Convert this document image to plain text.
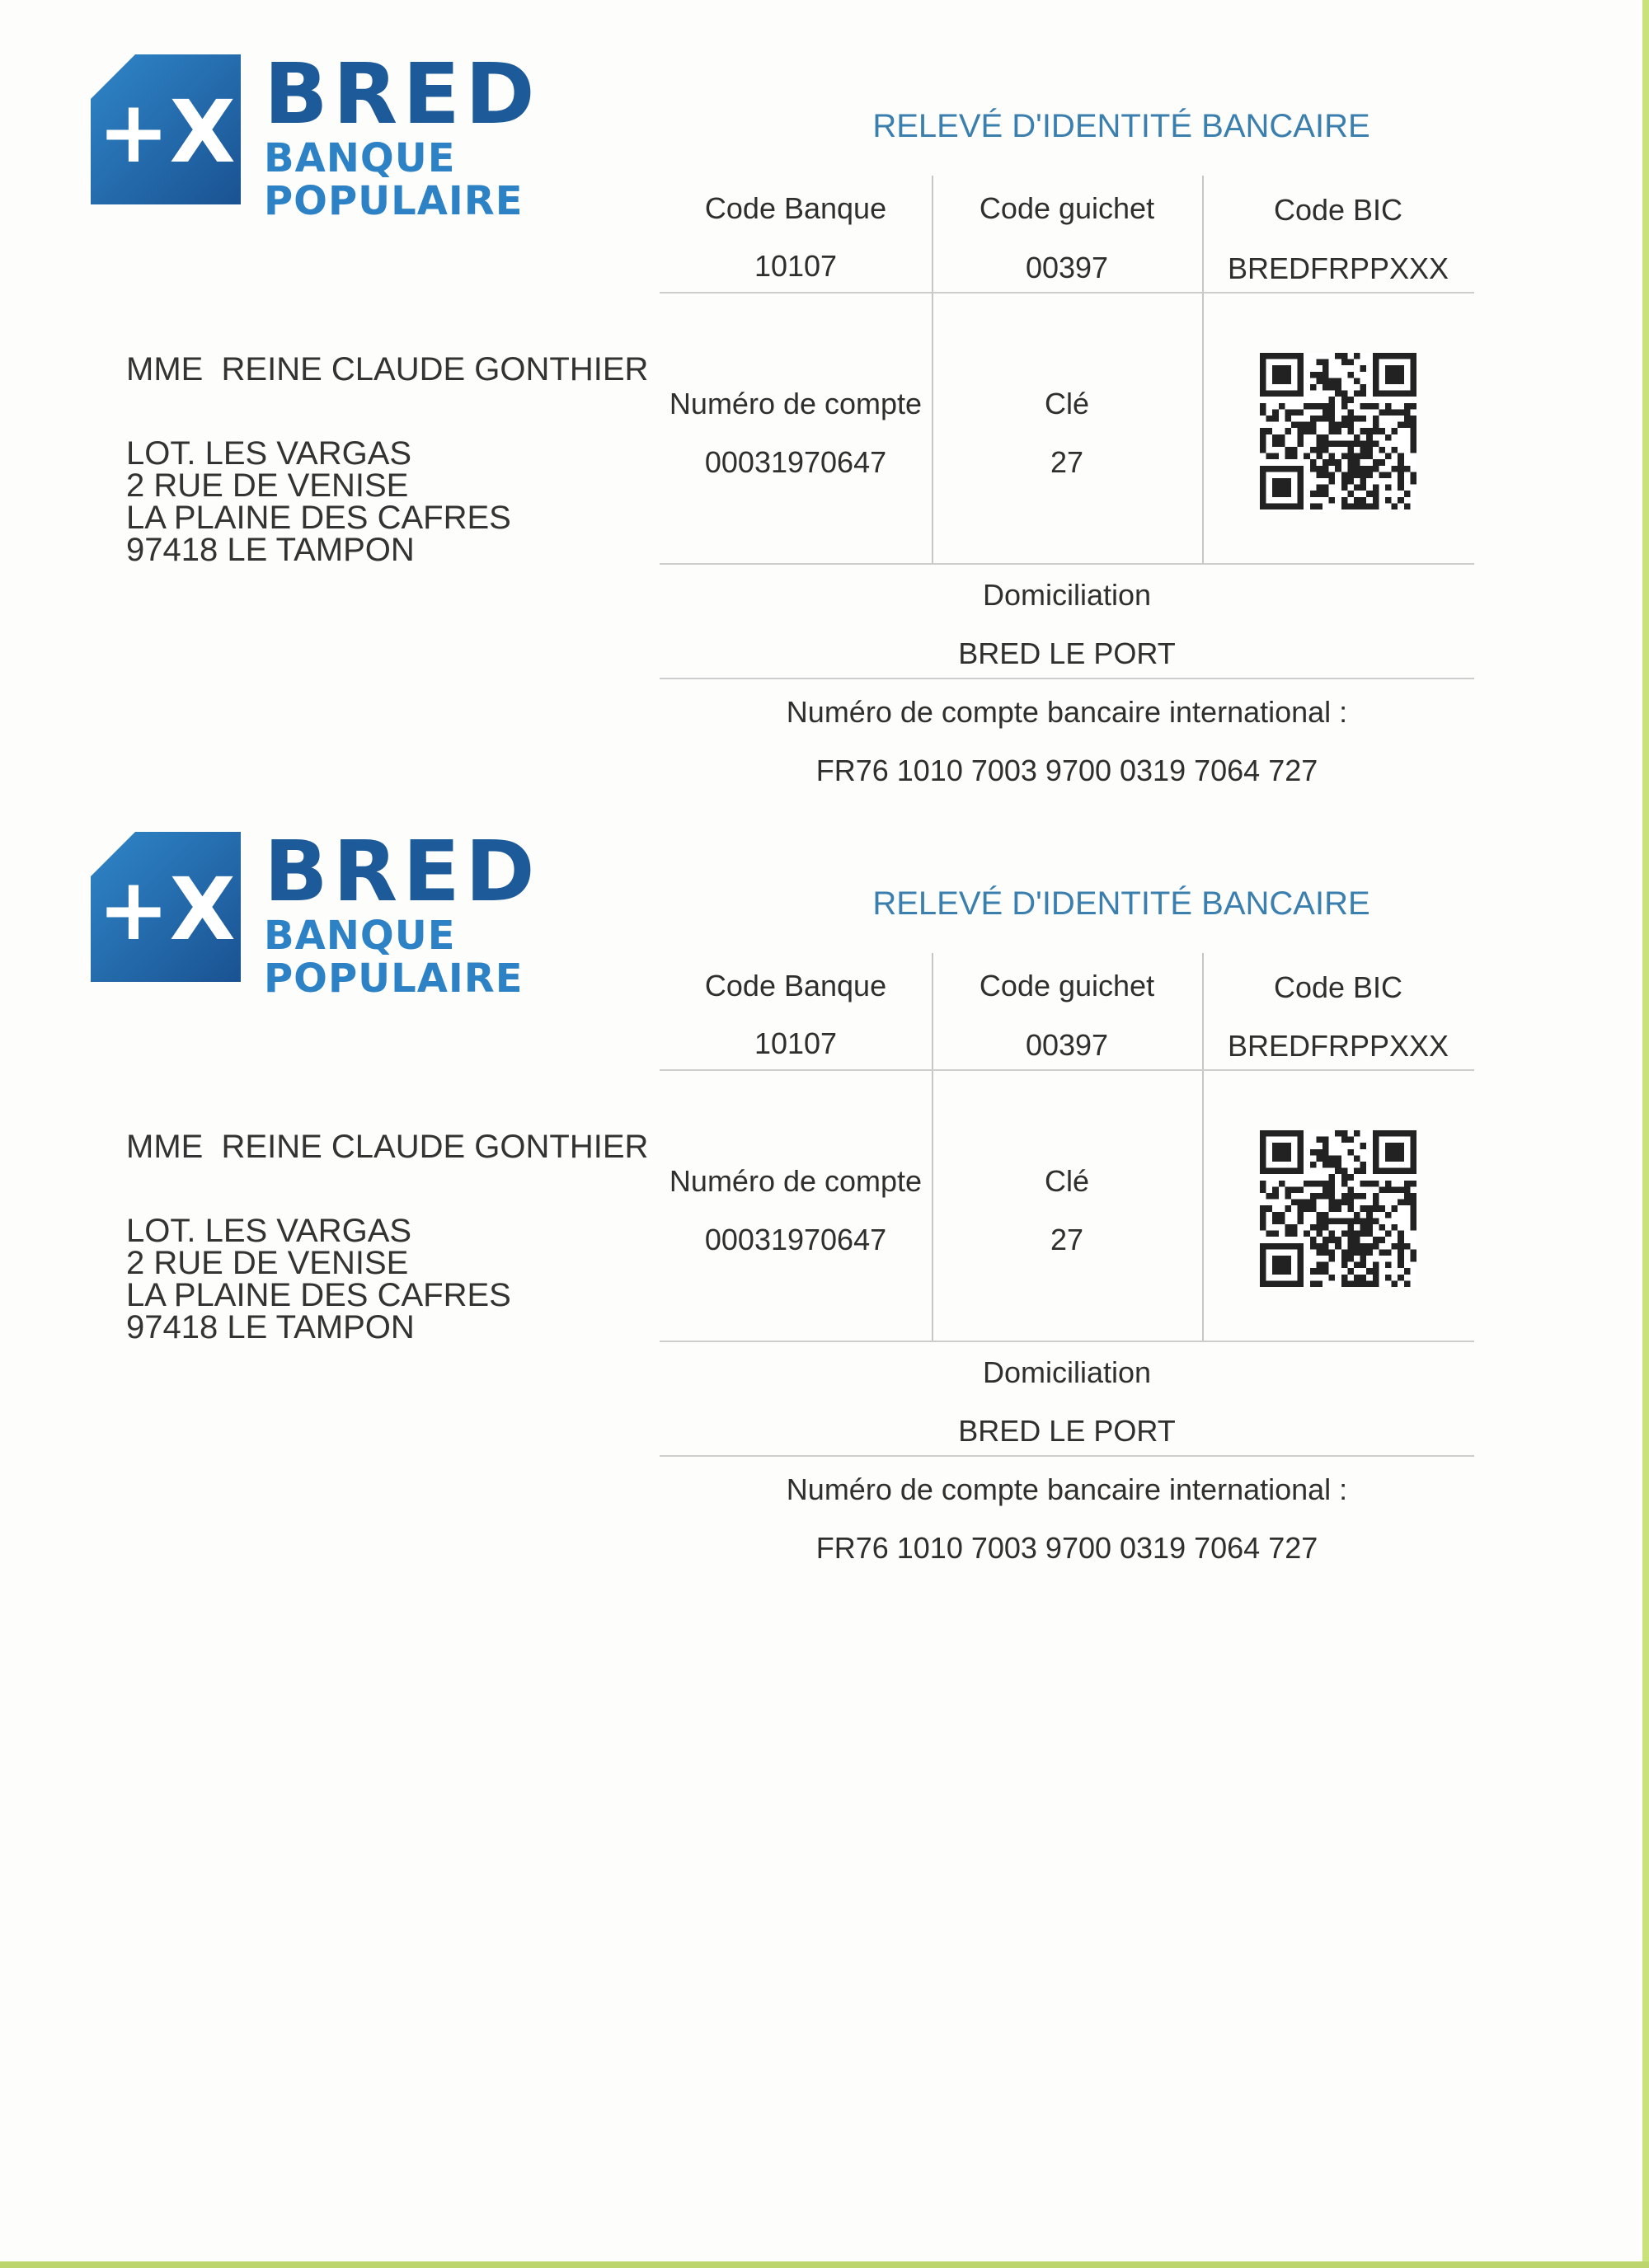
+X BRED
BANQUE
POPULAIRE
RELEVÉ D'IDENTITÉ BANCAIRE
MME  REINE CLAUDE GONTHIER
LOT. LES VARGAS
2 RUE DE VENISE
LA PLAINE DES CAFRES
97418 LE TAMPON
Code Banque
10107
Code guichet
00397
Code BIC
BREDFRPPXXX
Numéro de compte
00031970647
Clé
27
Domiciliation
BRED LE PORT
Numéro de compte bancaire international :
FR76 1010 7003 9700 0319 7064 727
+X BRED
BANQUE
POPULAIRE
RELEVÉ D'IDENTITÉ BANCAIRE
MME  REINE CLAUDE GONTHIER
LOT. LES VARGAS
2 RUE DE VENISE
LA PLAINE DES CAFRES
97418 LE TAMPON
Code Banque
10107
Code guichet
00397
Code BIC
BREDFRPPXXX
Numéro de compte
00031970647
Clé
27
Domiciliation
BRED LE PORT
Numéro de compte bancaire international :
FR76 1010 7003 9700 0319 7064 727
